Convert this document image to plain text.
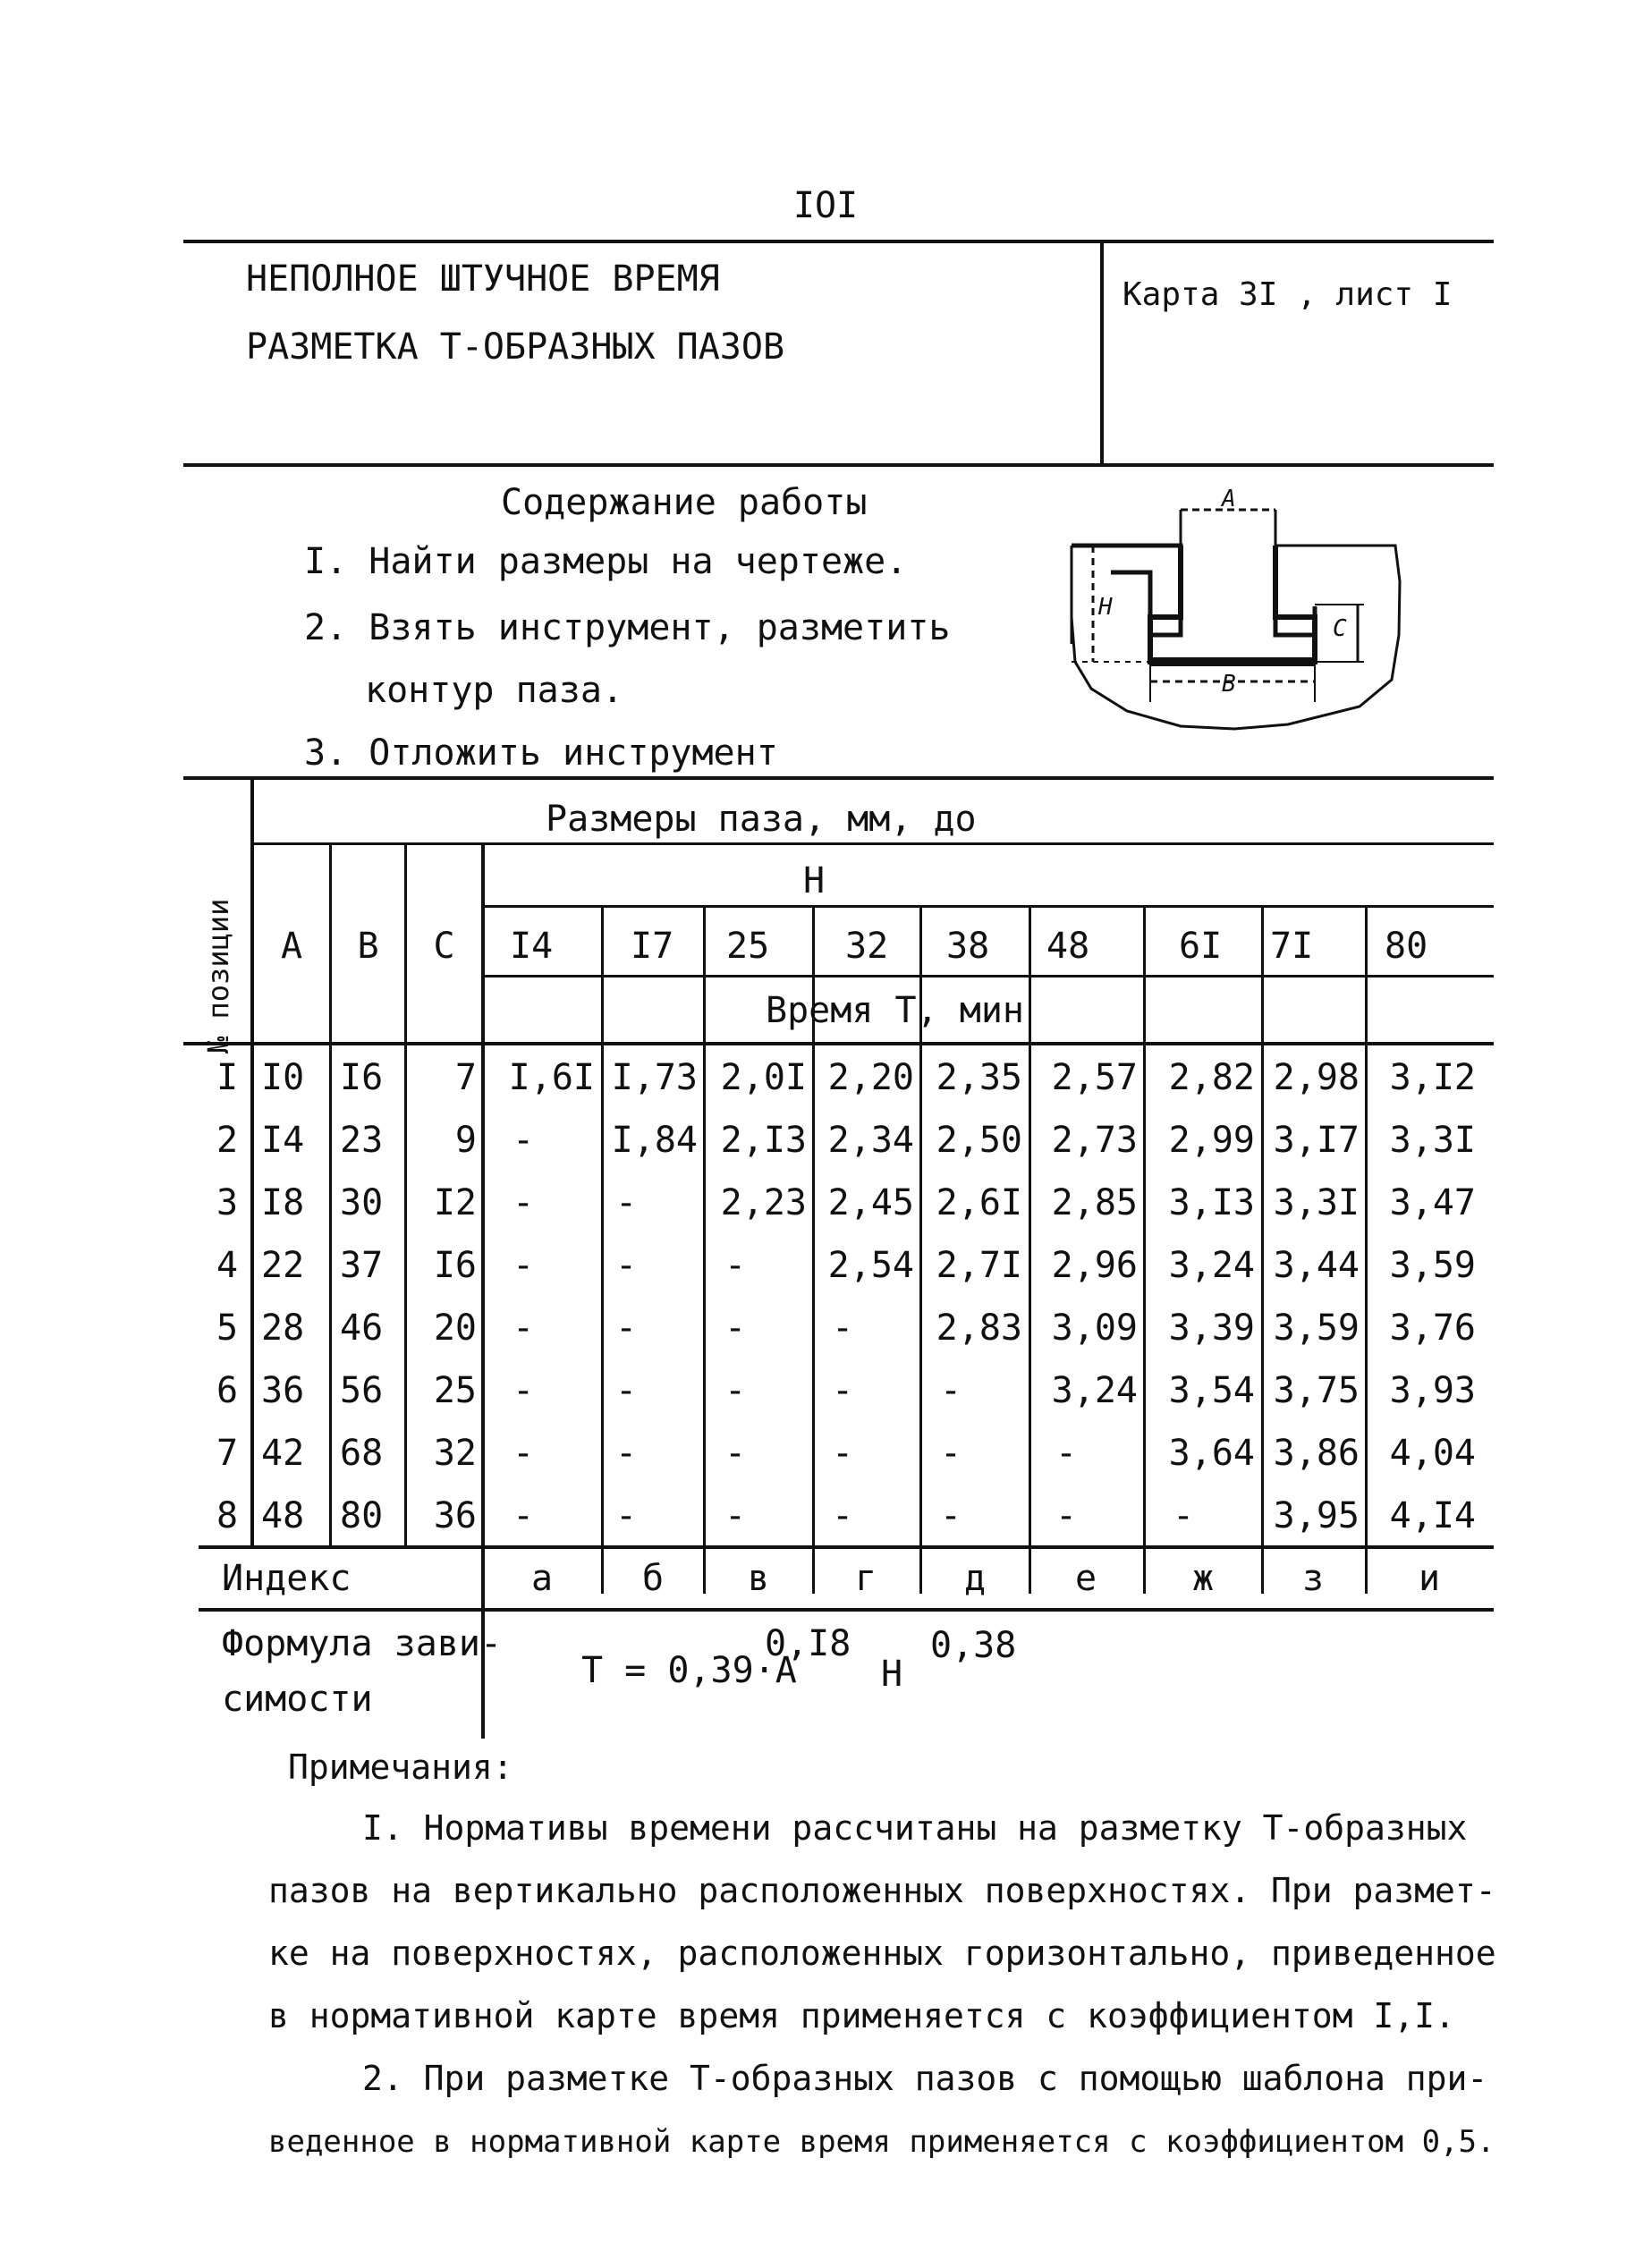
IOI
НЕПОЛНОЕ ШТУЧНОЕ ВРЕМЯ
РАЗМЕТКА Т-ОБРАЗНЫХ ПАЗОВ
Карта 3I , лист I
Содержание работы
I. Найти размеры на чертеже.
2. Взять инструмент, разметить
контур паза.
3. Отложить инструмент
А
Н
С
В
№ позиции
Размеры паза, мм, до
Н
А	В	С
Время Т, мин
I4 I7 25 32 38 48 6I 7I 80
I I0 I6	7 I,6I I,73 2,0I 2,20 2,35 2,57 2,82 2,98 3,I2
2 I4 23	9 -	I,84 2,I3 2,34 2,50 2,73 2,99 3,I7 3,3I
3 I8 30	I2 -	-	2,23 2,45 2,6I 2,85 3,I3 3,3I 3,47
4 22 37	I6 -	-	-	2,54 2,7I 2,96 3,24 3,44 3,59
5 28 46	20 -	-	-	-	2,83 3,09 3,39 3,59 3,76
6 36 56	25 -	-	-	-	-	3,24 3,54 3,75 3,93
7 42 68	32 -	-	-	-	-	-	3,64 3,86 4,04
8 48 80	36 -	-	-	-	-	-	-	3,95 4,I4
Индекс	а	б	в	г	д	е	ж	з	и
Формула зави-
симости
Т = 0,39·А
0,I8
Н
0,38
Примечания:
I. Нормативы времени рассчитаны на разметку Т-образных
пазов на вертикально расположенных поверхностях. При размет-
ке на поверхностях, расположенных горизонтально, приведенное
в нормативной карте время применяется с коэффициентом I,I.
2. При разметке Т-образных пазов с помощью шаблона при-
веденное в нормативной карте время применяется с коэффициентом 0,5.
